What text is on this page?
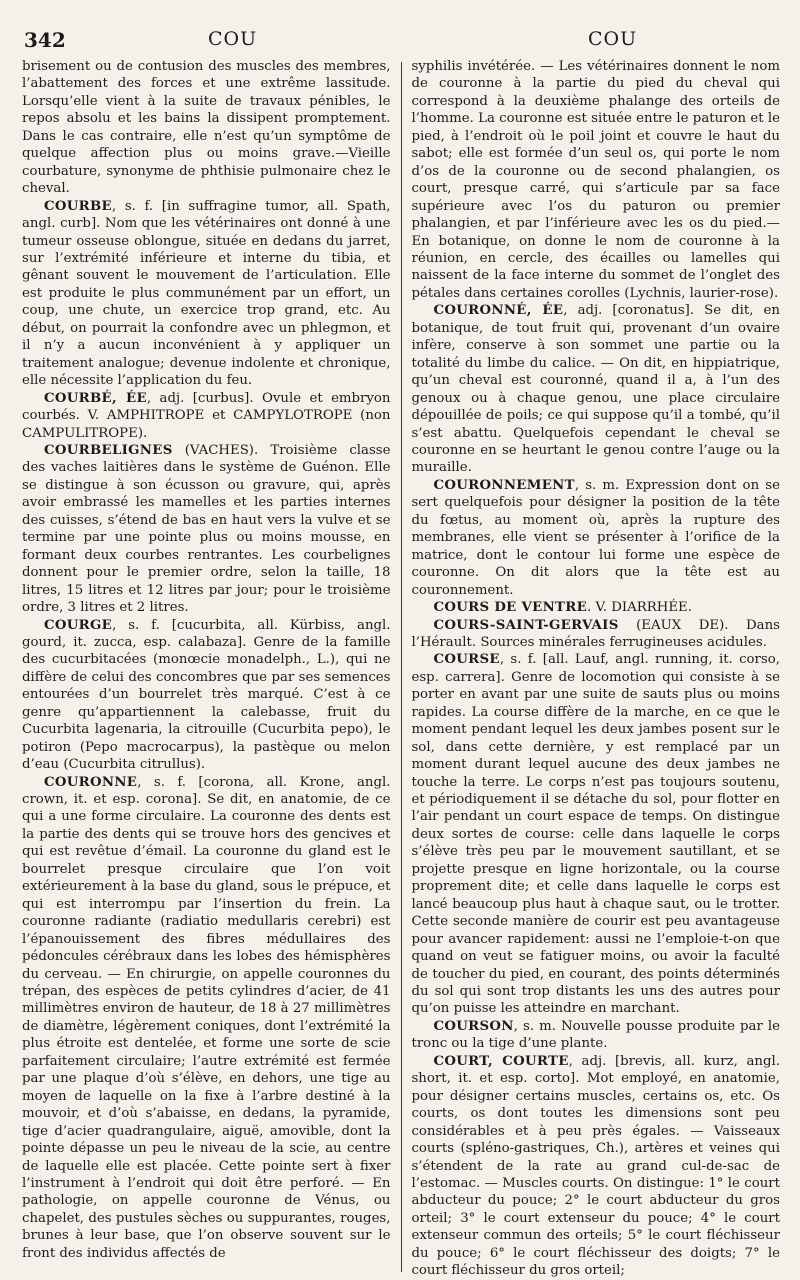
342	COU	COU

brisement ou de contusion des muscles des membres, l’abattement des forces et une extrême lassitude. Lorsqu’elle vient à la suite de travaux pénibles, le repos absolu et les bains la dissipent promptement. Dans le cas contraire, elle n’est qu’un symptôme de quelque affection plus ou moins grave.—Vieille courbature, synonyme de phthisie pulmonaire chez le cheval.

COURBE, s. f. [in suffragine tumor, all. Spath, angl. curb]. Nom que les vétérinaires ont donné à une tumeur osseuse oblongue, située en dedans du jarret, sur l’extrémité inférieure et interne du tibia, et gênant souvent le mouvement de l’articulation. Elle est produite le plus communément par un effort, un coup, une chute, un exercice trop grand, etc. Au début, on pourrait la confondre avec un phlegmon, et il n’y a aucun inconvénient à y appliquer un traitement analogue; devenue indolente et chronique, elle nécessite l’application du feu.

COURBÉ, ÉE, adj. [curbus]. Ovule et embryon courbés. V. AMPHITROPE et CAMPYLOTROPE (non CAMPULITROPE).

COURBELIGNES (VACHES). Troisième classe des vaches laitières dans le système de Guénon. Elle se distingue à son écusson ou gravure, qui, après avoir embrassé les mamelles et les parties internes des cuisses, s’étend de bas en haut vers la vulve et se termine par une pointe plus ou moins mousse, en formant deux courbes rentrantes. Les courbelignes donnent pour le premier ordre, selon la taille, 18 litres, 15 litres et 12 litres par jour; pour le troisième ordre, 3 litres et 2 litres.

COURGE, s. f. [cucurbita, all. Kürbiss, angl. gourd, it. zucca, esp. calabaza]. Genre de la famille des cucurbitacées (monœcie monadelph., L.), qui ne diffère de celui des concombres que par ses semences entourées d’un bourrelet très marqué. C’est à ce genre qu’appartiennent la calebasse, fruit du Cucurbita lagenaria, la citrouille (Cucurbita pepo), le potiron (Pepo macrocarpus), la pastèque ou melon d’eau (Cucurbita citrullus).

COURONNE, s. f. [corona, all. Krone, angl. crown, it. et esp. corona]. Se dit, en anatomie, de ce qui a une forme circulaire. La couronne des dents est la partie des dents qui se trouve hors des gencives et qui est revêtue d’émail. La couronne du gland est le bourrelet presque circulaire que l’on voit extérieurement à la base du gland, sous le prépuce, et qui est interrompu par l’insertion du frein. La couronne radiante (radiatio medullaris cerebri) est l’épanouissement des fibres médullaires des pédoncules cérébraux dans les lobes des hémisphères du cerveau. — En chirurgie, on appelle couronnes du trépan, des espèces de petits cylindres d’acier, de 41 millimètres environ de hauteur, de 18 à 27 millimètres de diamètre, légèrement coniques, dont l’extrémité la plus étroite est dentelée, et forme une sorte de scie parfaitement circulaire; l’autre extrémité est fermée par une plaque d’où s’élève, en dehors, une tige au moyen de laquelle on la fixe à l’arbre destiné à la mouvoir, et d’où s’abaisse, en dedans, la pyramide, tige d’acier quadrangulaire, aiguë, amovible, dont la pointe dépasse un peu le niveau de la scie, au centre de laquelle elle est placée. Cette pointe sert à fixer l’instrument à l’endroit qui doit être perforé. — En pathologie, on appelle couronne de Vénus, ou chapelet, des pustules sèches ou suppurantes, rouges, brunes à leur base, que l’on observe souvent sur le front des individus affectés de

syphilis invétérée. — Les vétérinaires donnent le nom de couronne à la partie du pied du cheval qui correspond à la deuxième phalange des orteils de l’homme. La couronne est située entre le paturon et le pied, à l’endroit où le poil joint et couvre le haut du sabot; elle est formée d’un seul os, qui porte le nom d’os de la couronne ou de second phalangien, os court, presque carré, qui s’articule par sa face supérieure avec l’os du paturon ou premier phalangien, et par l’inférieure avec les os du pied.— En botanique, on donne le nom de couronne à la réunion, en cercle, des écailles ou lamelles qui naissent de la face interne du sommet de l’onglet des pétales dans certaines corolles (Lychnis, laurier-rose).

COURONNÉ, ÉE, adj. [coronatus]. Se dit, en botanique, de tout fruit qui, provenant d’un ovaire infère, conserve à son sommet une partie ou la totalité du limbe du calice. — On dit, en hippiatrique, qu’un cheval est couronné, quand il a, à l’un des genoux ou à chaque genou, une place circulaire dépouillée de poils; ce qui suppose qu’il a tombé, qu’il s’est abattu. Quelquefois cependant le cheval se couronne en se heurtant le genou contre l’auge ou la muraille.

COURONNEMENT, s. m. Expression dont on se sert quelquefois pour désigner la position de la tête du fœtus, au moment où, après la rupture des membranes, elle vient se présenter à l’orifice de la matrice, dont le contour lui forme une espèce de couronne. On dit alors que la tête est au couronnement.

COURS DE VENTRE. V. DIARRHÉE.

COURS-SAINT-GERVAIS (EAUX DE). Dans l’Hérault. Sources minérales ferrugineuses acidules.

COURSE, s. f. [all. Lauf, angl. running, it. corso, esp. carrera]. Genre de locomotion qui consiste à se porter en avant par une suite de sauts plus ou moins rapides. La course diffère de la marche, en ce que le moment pendant lequel les deux jambes posent sur le sol, dans cette dernière, y est remplacé par un moment durant lequel aucune des deux jambes ne touche la terre. Le corps n’est pas toujours soutenu, et périodiquement il se détache du sol, pour flotter en l’air pendant un court espace de temps. On distingue deux sortes de course: celle dans laquelle le corps s’élève très peu par le mouvement sautillant, et se projette presque en ligne horizontale, ou la course proprement dite; et celle dans laquelle le corps est lancé beaucoup plus haut à chaque saut, ou le trotter. Cette seconde manière de courir est peu avantageuse pour avancer rapidement: aussi ne l’emploie-t-on que quand on veut se fatiguer moins, ou avoir la faculté de toucher du pied, en courant, des points déterminés du sol qui sont trop distants les uns des autres pour qu’on puisse les atteindre en marchant.

COURSON, s. m. Nouvelle pousse produite par le tronc ou la tige d’une plante.

COURT, COURTE, adj. [brevis, all. kurz, angl. short, it. et esp. corto]. Mot employé, en anatomie, pour désigner certains muscles, certains os, etc. Os courts, os dont toutes les dimensions sont peu considérables et à peu près égales. — Vaisseaux courts (spléno-gastriques, Ch.), artères et veines qui s’étendent de la rate au grand cul-de-sac de l’estomac. — Muscles courts. On distingue: 1° le court abducteur du pouce; 2° le court abducteur du gros orteil; 3° le court extenseur du pouce; 4° le court extenseur commun des orteils; 5° le court fléchisseur du pouce; 6° le court fléchisseur des doigts; 7° le court fléchisseur du gros orteil;
